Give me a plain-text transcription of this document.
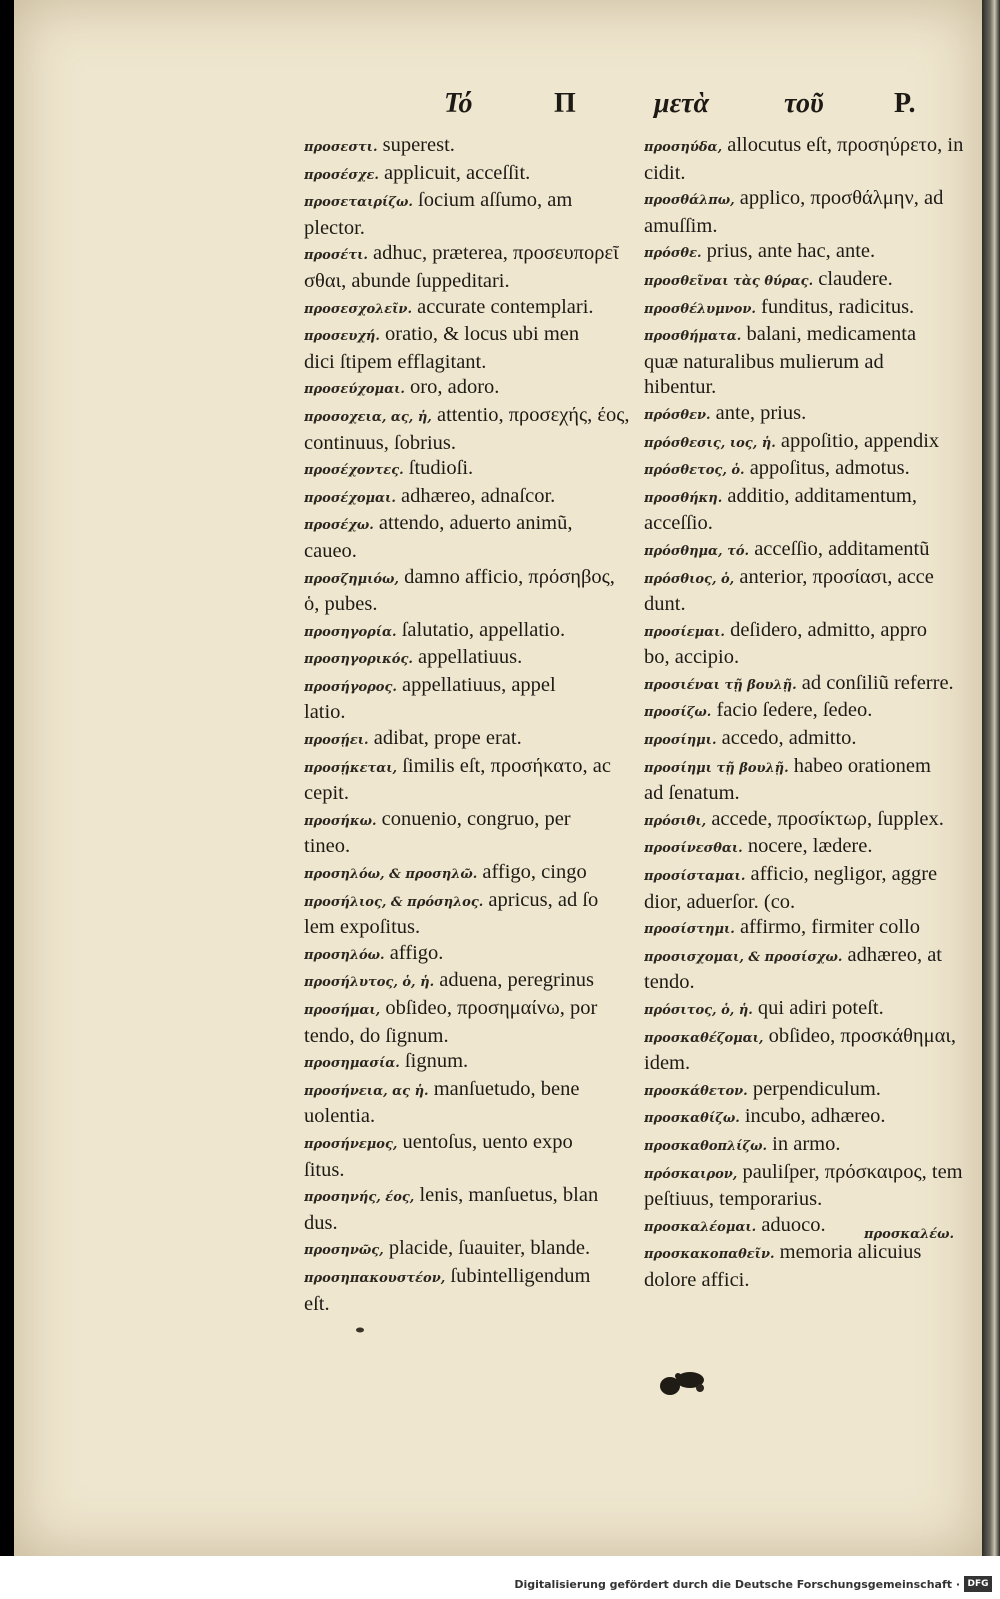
Τό	Π	μετὰ	τοῦ	P.

προσεστι. superest.

προσέσχε. applicuit, acceſſit.

προσεταιρίζω. ſocium aſſumo, am

plector.

προσέτι. adhuc, præterea, προσευπορεῖ

σθαι, abunde ſuppeditari.

προσεσχολεῖν. accurate contemplari.

προσευχή. oratio, & locus ubi men

dici ſtipem efflagitant.

προσεύχομαι. oro, adoro.

προσοχεια, ας, ἡ, attentio, προσεχής, έος,

continuus, ſobrius.

προσέχοντες. ſtudioſi.

προσέχομαι. adhæreo, adnaſcor.

προσέχω. attendo, aduerto animũ,

caueo.

προσζημιόω, damno afficio, πρόσηβος,

ὁ, pubes.

προσηγορία. ſalutatio, appellatio.

προσηγορικός. appellatiuus.

προσήγορος. appellatiuus, appel

latio.

προσῄει. adibat, prope erat.

προσῄκεται, ſimilis eſt, προσήκατο, ac

cepit.

προσήκω. conuenio, congruo, per

tineo.

προσηλόω, & προσηλῶ. affigo, cingo

προσήλιος, & πρόσηλος. apricus, ad ſo

lem expoſitus.

προσηλόω. affigo.

προσήλυτος, ὁ, ἡ. aduena, peregrinus

προσήμαι, obſideo, προσημαίνω, por

tendo, do ſignum.

προσημασία. ſignum.

προσήνεια, ας ἡ. manſuetudo, bene

uolentia.

προσήνεμος, uentoſus, uento expo

ſitus.

προσηνής, έος, lenis, manſuetus, blan

dus.

προσηνῶς, placide, ſuauiter, blande.

προσηπακουστέον, ſubintelligendum

eſt.

προσηύδα, allocutus eſt, προσηύρετο, in

cidit.

προσθάλπω, applico, προσθάλμην, ad

amuſſim.

πρόσθε. prius, ante hac, ante.

προσθεῖναι τὰς θύρας. claudere.

προσθέλυμνον. funditus, radicitus.

προσθήματα. balani, medicamenta

quæ naturalibus mulierum ad

hibentur.

πρόσθεν. ante, prius.

πρόσθεσις, ιος, ἡ. appoſitio, appendix

πρόσθετος, ὁ. appoſitus, admotus.

προσθήκη. additio, additamentum,

acceſſio.

πρόσθημα, τό. acceſſio, additamentũ

πρόσθιος, ὁ, anterior, προσίασι, acce

dunt.

προσίεμαι. deſidero, admitto, appro

bo, accipio.

προσιέναι τῇ βουλῇ. ad conſiliũ referre.

προσίζω. facio ſedere, ſedeo.

προσίημι. accedo, admitto.

προσίημι τῇ βουλῇ. habeo orationem

ad ſenatum.

πρόσιθι, accede, προσίκτωρ, ſupplex.

προσίνεσθαι. nocere, lædere.

προσίσταμαι. afficio, negligor, aggre

dior, aduerſor. (co.

προσίστημι. affirmo, firmiter collo

προσισχομαι, & προσίσχω. adhæreo, at

tendo.

πρόσιτος, ὁ, ἡ. qui adiri poteſt.

προσκαθέζομαι, obſideo, προσκάθημαι,

idem.

προσκάθετον. perpendiculum.

προσκαθίζω. incubo, adhæreo.

προσκαθοπλίζω. in armo.

πρόσκαιρον, pauliſper, πρόσκαιρος, tem

peſtiuus, temporarius.

προσκαλέομαι. aduoco.

προσκακοπαθεῖν. memoria alicuius

dolore affici.

προσκαλέω.
Digitalisierung gefördert durch die Deutsche Forschungsgemeinschaft · DFG
